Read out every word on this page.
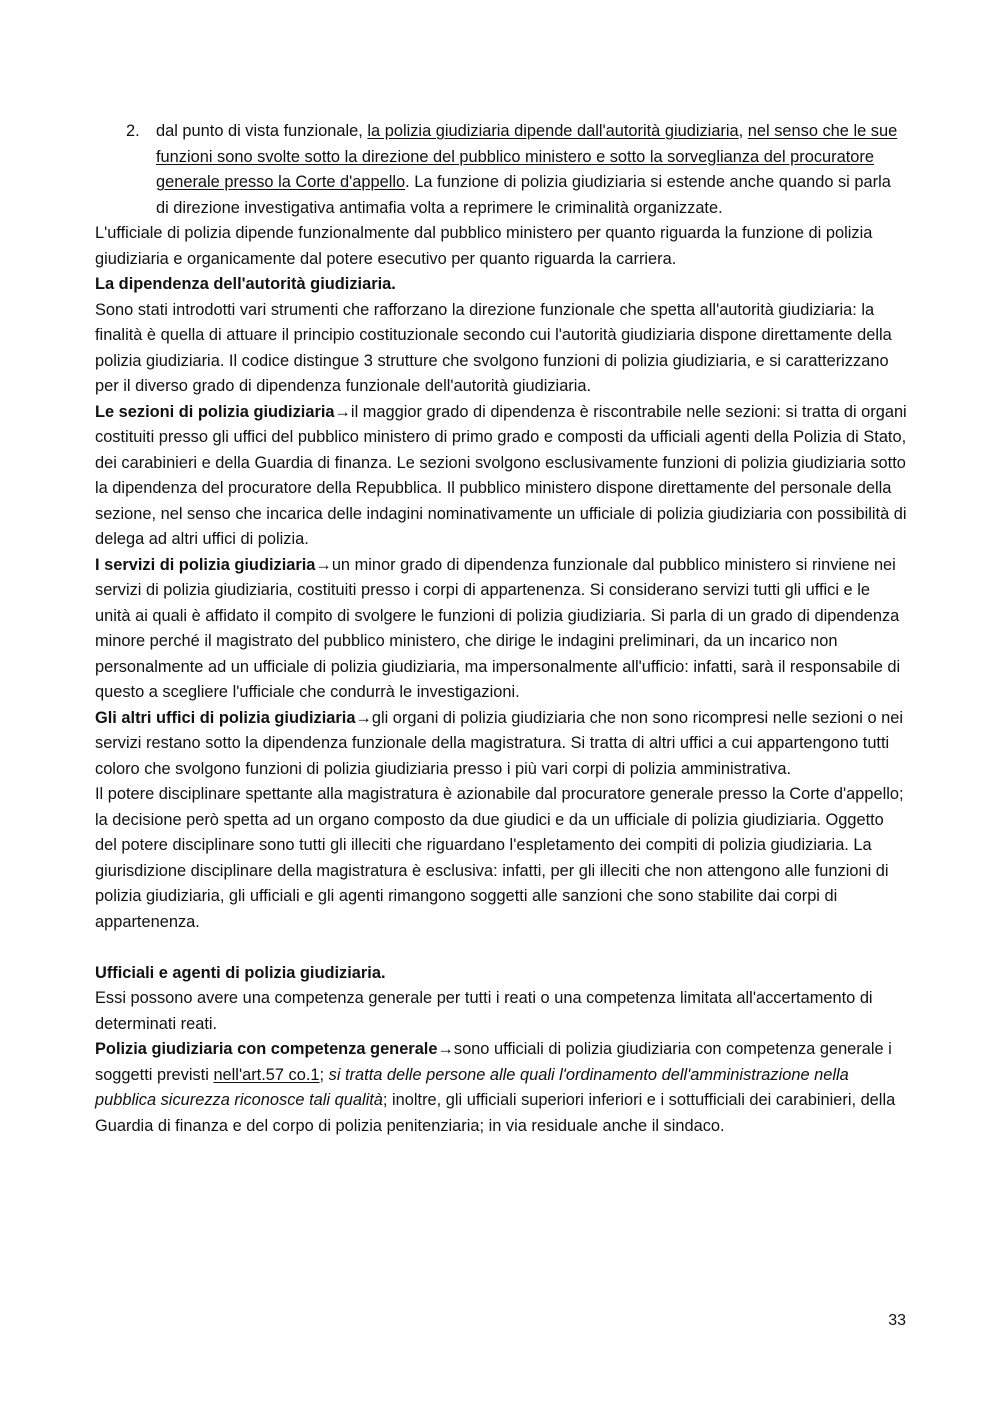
2. dal punto di vista funzionale, la polizia giudiziaria dipende dall'autorità giudiziaria, nel senso che le sue funzioni sono svolte sotto la direzione del pubblico ministero e sotto la sorveglianza del procuratore generale presso la Corte d'appello. La funzione di polizia giudiziaria si estende anche quando si parla di direzione investigativa antimafia volta a reprimere le criminalità organizzate.

L'ufficiale di polizia dipende funzionalmente dal pubblico ministero per quanto riguarda la funzione di polizia giudiziaria e organicamente dal potere esecutivo per quanto riguarda la carriera.

La dipendenza dell'autorità giudiziaria.

Sono stati introdotti vari strumenti che rafforzano la direzione funzionale che spetta all'autorità giudiziaria: la finalità è quella di attuare il principio costituzionale secondo cui l'autorità giudiziaria dispone direttamente della polizia giudiziaria. Il codice distingue 3 strutture che svolgono funzioni di polizia giudiziaria, e si caratterizzano per il diverso grado di dipendenza funzionale dell'autorità giudiziaria.

Le sezioni di polizia giudiziaria→il maggior grado di dipendenza è riscontrabile nelle sezioni: si tratta di organi costituiti presso gli uffici del pubblico ministero di primo grado e composti da ufficiali agenti della Polizia di Stato, dei carabinieri e della Guardia di finanza. Le sezioni svolgono esclusivamente funzioni di polizia giudiziaria sotto la dipendenza del procuratore della Repubblica. Il pubblico ministero dispone direttamente del personale della sezione, nel senso che incarica delle indagini nominativamente un ufficiale di polizia giudiziaria con possibilità di delega ad altri uffici di polizia.

I servizi di polizia giudiziaria→un minor grado di dipendenza funzionale dal pubblico ministero si rinviene nei servizi di polizia giudiziaria, costituiti presso i corpi di appartenenza. Si considerano servizi tutti gli uffici e le unità ai quali è affidato il compito di svolgere le funzioni di polizia giudiziaria. Si parla di un grado di dipendenza minore perché il magistrato del pubblico ministero, che dirige le indagini preliminari, da un incarico non personalmente ad un ufficiale di polizia giudiziaria, ma impersonalmente all'ufficio: infatti, sarà il responsabile di questo a scegliere l'ufficiale che condurrà le investigazioni.

Gli altri uffici di polizia giudiziaria→gli organi di polizia giudiziaria che non sono ricompresi nelle sezioni o nei servizi restano sotto la dipendenza funzionale della magistratura. Si tratta di altri uffici a cui appartengono tutti coloro che svolgono funzioni di polizia giudiziaria presso i più vari corpi di polizia amministrativa.

Il potere disciplinare spettante alla magistratura è azionabile dal procuratore generale presso la Corte d'appello; la decisione però spetta ad un organo composto da due giudici e da un ufficiale di polizia giudiziaria. Oggetto del potere disciplinare sono tutti gli illeciti che riguardano l'espletamento dei compiti di polizia giudiziaria. La giurisdizione disciplinare della magistratura è esclusiva: infatti, per gli illeciti che non attengono alle funzioni di polizia giudiziaria, gli ufficiali e gli agenti rimangono soggetti alle sanzioni che sono stabilite dai corpi di appartenenza.

Ufficiali e agenti di polizia giudiziaria.

Essi possono avere una competenza generale per tutti i reati o una competenza limitata all'accertamento di determinati reati.

Polizia giudiziaria con competenza generale→sono ufficiali di polizia giudiziaria con competenza generale i soggetti previsti nell'art.57 co.1; si tratta delle persone alle quali l'ordinamento dell'amministrazione nella pubblica sicurezza riconosce tali qualità; inoltre, gli ufficiali superiori inferiori e i sottufficiali dei carabinieri, della Guardia di finanza e del corpo di polizia penitenziaria; in via residuale anche il sindaco.

33
